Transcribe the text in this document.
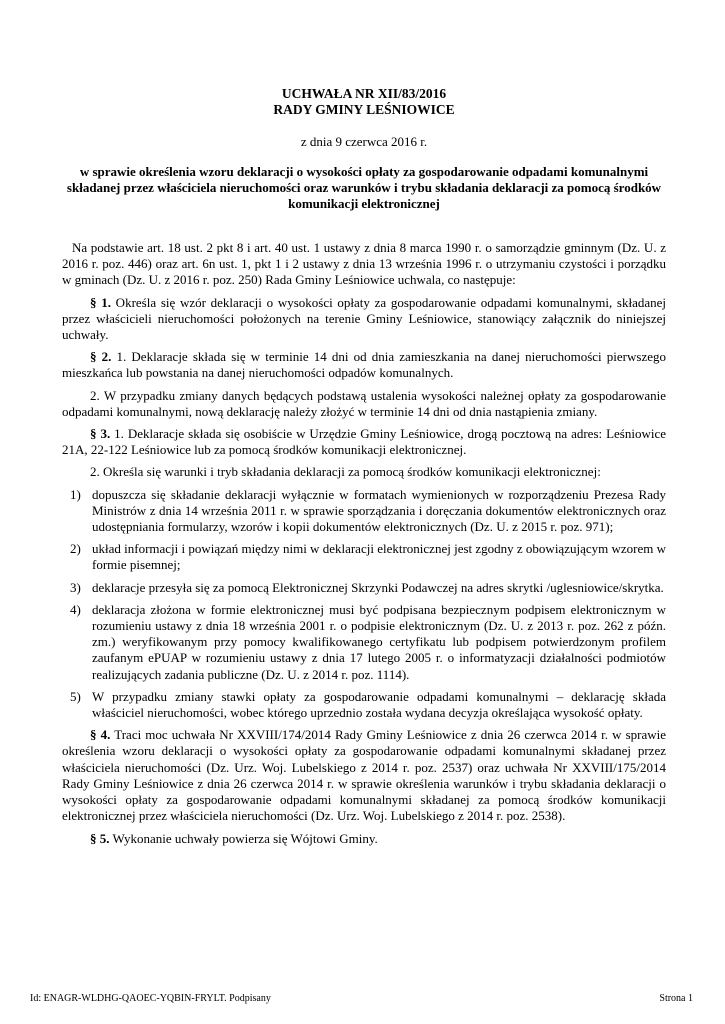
UCHWAŁA NR XII/83/2016
RADY GMINY LEŚNIOWICE
z dnia 9 czerwca 2016 r.
w sprawie określenia wzoru deklaracji o wysokości opłaty za gospodarowanie odpadami komunalnymi składanej przez właściciela nieruchomości oraz warunków i trybu składania deklaracji za pomocą środków komunikacji elektronicznej

Na podstawie art. 18 ust. 2 pkt 8 i art. 40 ust. 1 ustawy z dnia 8 marca 1990 r. o samorządzie gminnym (Dz. U. z 2016 r. poz. 446) oraz art. 6n ust. 1, pkt 1 i 2 ustawy z dnia 13 września 1996 r. o utrzymaniu czystości i porządku w gminach (Dz. U. z 2016 r. poz. 250) Rada Gminy Leśniowice uchwala, co następuje:

§ 1. Określa się wzór deklaracji o wysokości opłaty za gospodarowanie odpadami komunalnymi, składanej przez właścicieli nieruchomości położonych na terenie Gminy Leśniowice, stanowiący załącznik do niniejszej uchwały.

§ 2. 1. Deklaracje składa się w terminie 14 dni od dnia zamieszkania na danej nieruchomości pierwszego mieszkańca lub powstania na danej nieruchomości odpadów komunalnych.

2. W przypadku zmiany danych będących podstawą ustalenia wysokości należnej opłaty za gospodarowanie odpadami komunalnymi, nową deklarację należy złożyć w terminie 14 dni od dnia nastąpienia zmiany.

§ 3. 1. Deklaracje składa się osobiście w Urzędzie Gminy Leśniowice, drogą pocztową na adres: Leśniowice 21A, 22-122 Leśniowice lub za pomocą środków komunikacji elektronicznej.

2. Określa się warunki i tryb składania deklaracji za pomocą środków komunikacji elektronicznej:

1) dopuszcza się składanie deklaracji wyłącznie w formatach wymienionych w rozporządzeniu Prezesa Rady Ministrów z dnia 14 września 2011 r. w sprawie sporządzania i doręczania dokumentów elektronicznych oraz udostępniania formularzy, wzorów i kopii dokumentów elektronicznych (Dz. U. z 2015 r. poz. 971);
2) układ informacji i powiązań między nimi w deklaracji elektronicznej jest zgodny z obowiązującym wzorem w formie pisemnej;
3) deklaracje przesyła się za pomocą Elektronicznej Skrzynki Podawczej na adres skrytki /uglesniowice/skrytka.
4) deklaracja złożona w formie elektronicznej musi być podpisana bezpiecznym podpisem elektronicznym w rozumieniu ustawy z dnia 18 września 2001 r. o podpisie elektronicznym (Dz. U. z 2013 r. poz. 262 z późn. zm.) weryfikowanym przy pomocy kwalifikowanego certyfikatu lub podpisem potwierdzonym profilem zaufanym ePUAP w rozumieniu ustawy z dnia 17 lutego 2005 r. o informatyzacji działalności podmiotów realizujących zadania publiczne (Dz. U. z 2014 r. poz. 1114).
5) W przypadku zmiany stawki opłaty za gospodarowanie odpadami komunalnymi – deklarację składa właściciel nieruchomości, wobec którego uprzednio została wydana decyzja określająca wysokość opłaty.

§ 4. Traci moc uchwała Nr XXVIII/174/2014 Rady Gminy Leśniowice z dnia 26 czerwca 2014 r. w sprawie określenia wzoru deklaracji o wysokości opłaty za gospodarowanie odpadami komunalnymi składanej przez właściciela nieruchomości (Dz. Urz. Woj. Lubelskiego z 2014 r. poz. 2537) oraz uchwała Nr XXVIII/175/2014 Rady Gminy Leśniowice z dnia 26 czerwca 2014 r. w sprawie określenia warunków i trybu składania deklaracji o wysokości opłaty za gospodarowanie odpadami komunalnymi składanej za pomocą środków komunikacji elektronicznej przez właściciela nieruchomości (Dz. Urz. Woj. Lubelskiego z 2014 r. poz. 2538).

§ 5. Wykonanie uchwały powierza się Wójtowi Gminy.

Id: ENAGR-WLDHG-QAOEC-YQBIN-FRYLT. Podpisany	Strona 1
